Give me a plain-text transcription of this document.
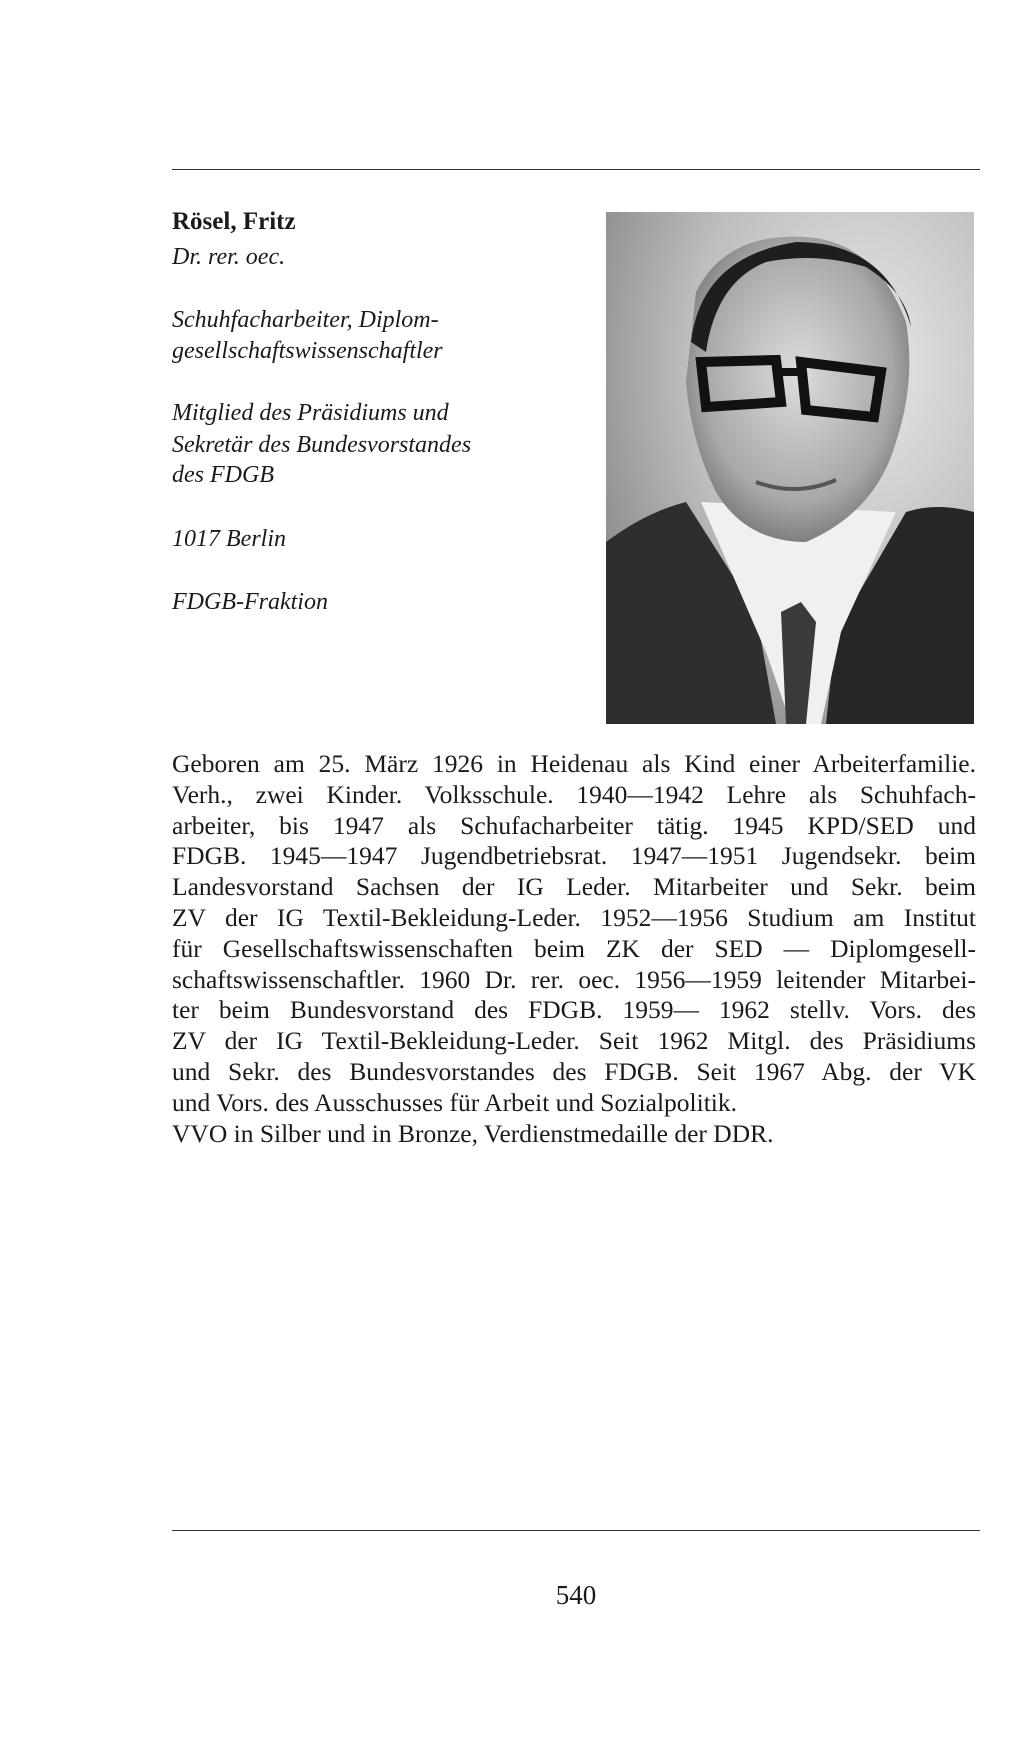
Rösel, Fritz
Dr. rer. oec.
Schuhfacharbeiter, Diplom-
gesellschaftswissenschaftler
Mitglied des Präsidiums und
Sekretär des Bundesvorstandes
des FDGB
1017 Berlin
FDGB-Fraktion
Geboren am 25. März 1926 in Heidenau als Kind einer Arbeiterfamilie.
Verh., zwei Kinder. Volksschule. 1940—1942 Lehre als Schuhfach-
arbeiter, bis 1947 als Schufacharbeiter tätig. 1945 KPD/SED und
FDGB. 1945—1947 Jugendbetriebsrat. 1947—1951 Jugendsekr. beim
Landesvorstand Sachsen der IG Leder. Mitarbeiter und Sekr. beim
ZV der IG Textil-Bekleidung-Leder. 1952—1956 Studium am Institut
für Gesellschaftswissenschaften beim ZK der SED — Diplomgesell-
schaftswissenschaftler. 1960 Dr. rer. oec. 1956—1959 leitender Mitarbei-
ter beim Bundesvorstand des FDGB. 1959— 1962 stellv. Vors. des
ZV der IG Textil-Bekleidung-Leder. Seit 1962 Mitgl. des Präsidiums
und Sekr. des Bundesvorstandes des FDGB. Seit 1967 Abg. der VK
und Vors. des Ausschusses für Arbeit und Sozialpolitik.
VVO in Silber und in Bronze, Verdienstmedaille der DDR.
540
